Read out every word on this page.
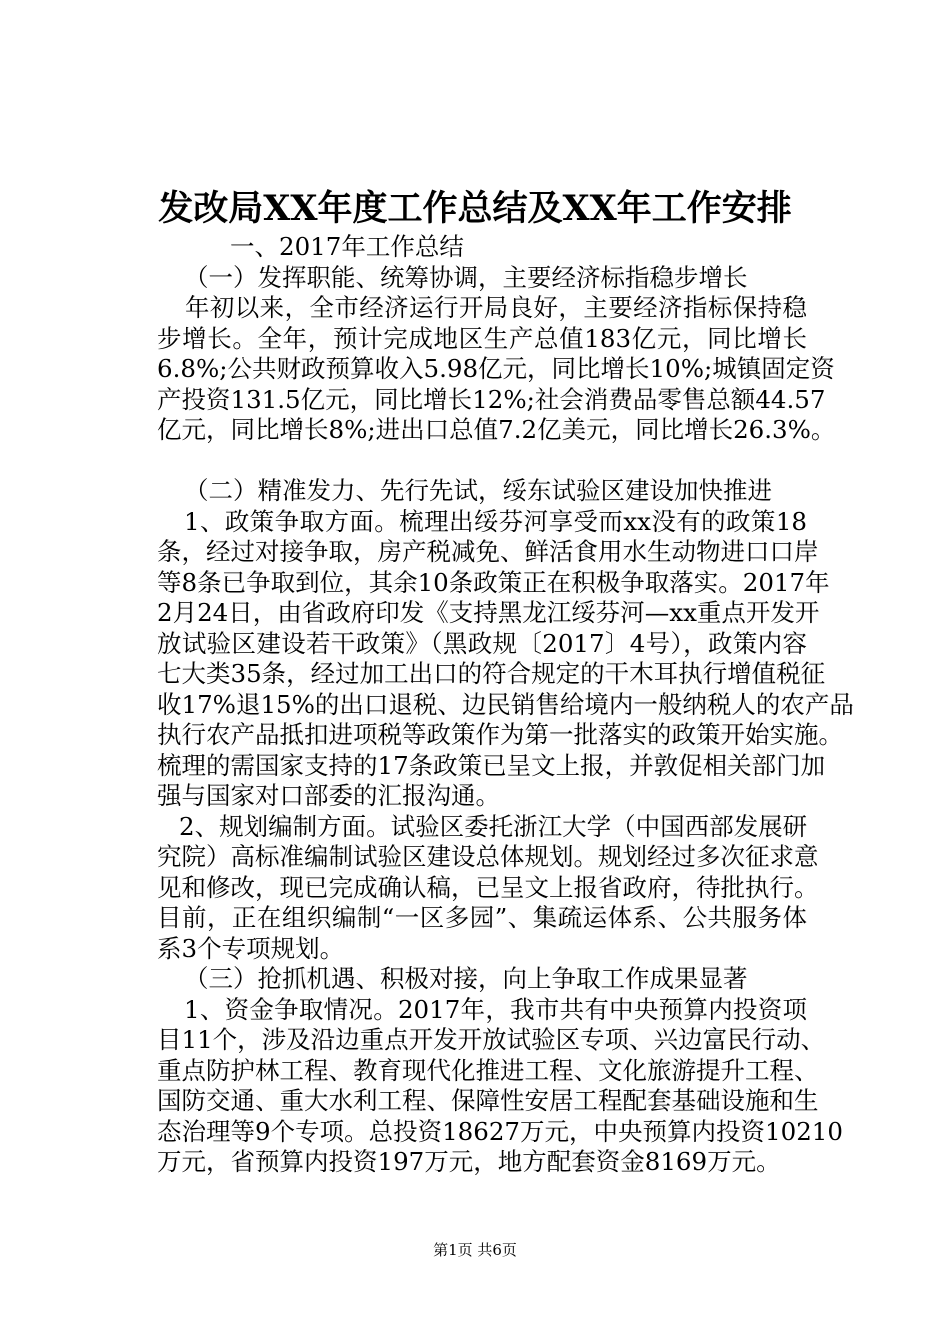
发改局XX年度工作总结及XX年工作安排
一、2017年工作总结
（一）发挥职能、统筹协调，主要经济标指稳步增长
年初以来，全市经济运行开局良好，主要经济指标保持稳
步增长。全年，预计完成地区生产总值183亿元，同比增长
6.8%;公共财政预算收入5.98亿元，同比增长10%;城镇固定资
产投资131.5亿元，同比增长12%;社会消费品零售总额44.57
亿元，同比增长8%;进出口总值7.2亿美元，同比增长26.3%。
（二）精准发力、先行先试，绥东试验区建设加快推进
1、政策争取方面。梳理出绥芬河享受而xx没有的政策18
条，经过对接争取，房产税减免、鲜活食用水生动物进口口岸
等8条已争取到位，其余10条政策正在积极争取落实。2017年
2月24日，由省政府印发《支持黑龙江绥芬河—xx重点开发开
放试验区建设若干政策》（黑政规〔2017〕4号），政策内容
七大类35条，经过加工出口的符合规定的干木耳执行增值税征
收17%退15%的出口退税、边民销售给境内一般纳税人的农产品
执行农产品抵扣进项税等政策作为第一批落实的政策开始实施。
梳理的需国家支持的17条政策已呈文上报，并敦促相关部门加
强与国家对口部委的汇报沟通。
2、规划编制方面。试验区委托浙江大学（中国西部发展研
究院）高标准编制试验区建设总体规划。规划经过多次征求意
见和修改，现已完成确认稿，已呈文上报省政府，待批执行。
目前，正在组织编制“一区多园”、集疏运体系、公共服务体
系3个专项规划。
（三）抢抓机遇、积极对接，向上争取工作成果显著
1、资金争取情况。2017年，我市共有中央预算内投资项
目11个，涉及沿边重点开发开放试验区专项、兴边富民行动、
重点防护林工程、教育现代化推进工程、文化旅游提升工程、
国防交通、重大水利工程、保障性安居工程配套基础设施和生
态治理等9个专项。总投资18627万元，中央预算内投资10210
万元，省预算内投资197万元，地方配套资金8169万元。
第1页 共6页
